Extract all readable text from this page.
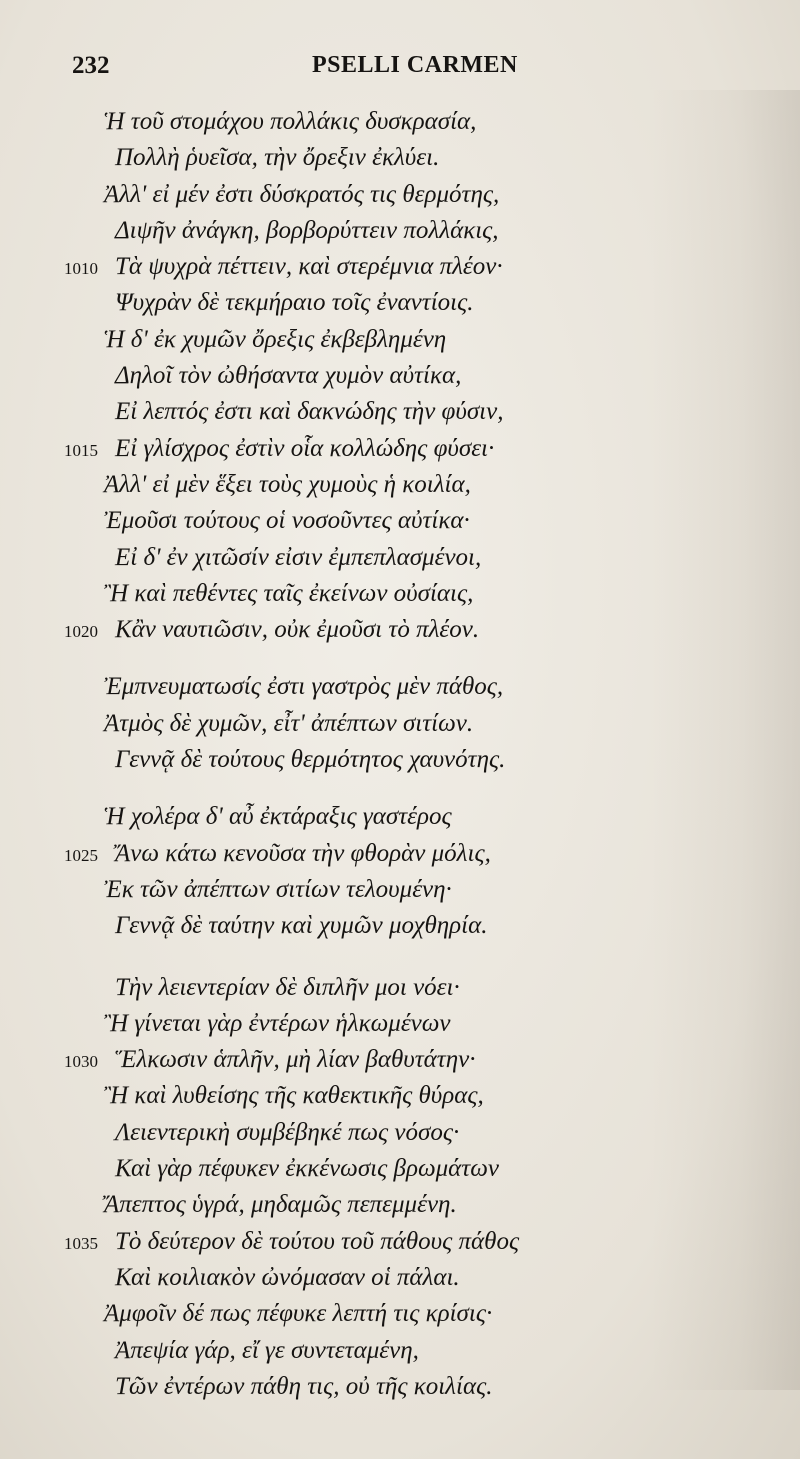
232	PSELLI CARMEN
Ἡ τοῦ στομάχου πολλάκις δυσκρασία,
Πολλὴ ῥυεῖσα, τὴν ὄρεξιν ἐκλύει.
Ἀλλ' εἰ μέν ἐστι δύσκρατός τις θερμότης,
Διψῆν ἀνάγκη, βορβορύττειν πολλάκις,
1010 Τὰ ψυχρὰ πέττειν, καὶ στερέμνια πλέον·
Ψυχρὰν δὲ τεκμήραιο τοῖς ἐναντίοις.
Ἡ δ' ἐκ χυμῶν ὄρεξις ἐκβεβλημένη
Δηλοῖ τὸν ὠθήσαντα χυμὸν αὐτίκα,
Εἰ λεπτός ἐστι καὶ δακνώδης τὴν φύσιν,
1015 Εἰ γλίσχρος ἐστὶν οἷα κολλώδης φύσει·
Ἀλλ' εἰ μὲν ἕξει τοὺς χυμοὺς ἡ κοιλία,
Ἐμοῦσι τούτους οἱ νοσοῦντες αὐτίκα·
Εἰ δ' ἐν χιτῶσίν εἰσιν ἐμπεπλασμένοι,
Ἢ καὶ πεθέντες ταῖς ἐκείνων οὐσίαις,
1020 Κἂν ναυτιῶσιν, οὐκ ἐμοῦσι τὸ πλέον.
Ἐμπνευματωσίς ἐστι γαστρὸς μὲν πάθος,
Ἀτμὸς δὲ χυμῶν, εἶτ' ἀπέπτων σιτίων.
Γεννᾷ δὲ τούτους θερμότητος χαυνότης.
Ἡ χολέρα δ' αὖ ἐκτάραξις γαστέρος
1025 Ἄνω κάτω κενοῦσα τὴν φθορὰν μόλις,
Ἐκ τῶν ἀπέπτων σιτίων τελουμένη·
Γεννᾷ δὲ ταύτην καὶ χυμῶν μοχθηρία.
Τὴν λειεντερίαν δὲ διπλῆν μοι νόει·
Ἢ γίνεται γὰρ ἐντέρων ἡλκωμένων
1030 Ἕλκωσιν ἁπλῆν, μὴ λίαν βαθυτάτην·
Ἢ καὶ λυθείσης τῆς καθεκτικῆς θύρας,
Λειεντερικὴ συμβέβηκέ πως νόσος·
Καὶ γὰρ πέφυκεν ἐκκένωσις βρωμάτων
Ἄπεπτος ὑγρά, μηδαμῶς πεπεμμένη.
1035 Τὸ δεύτερον δὲ τούτου τοῦ πάθους πάθος
Καὶ κοιλιακὸν ὠνόμασαν οἱ πάλαι.
Ἀμφοῖν δέ πως πέφυκε λεπτή τις κρίσις·
Ἀπεψία γάρ, εἴ γε συντεταμένη,
Τῶν ἐντέρων πάθη τις, οὐ τῆς κοιλίας.
